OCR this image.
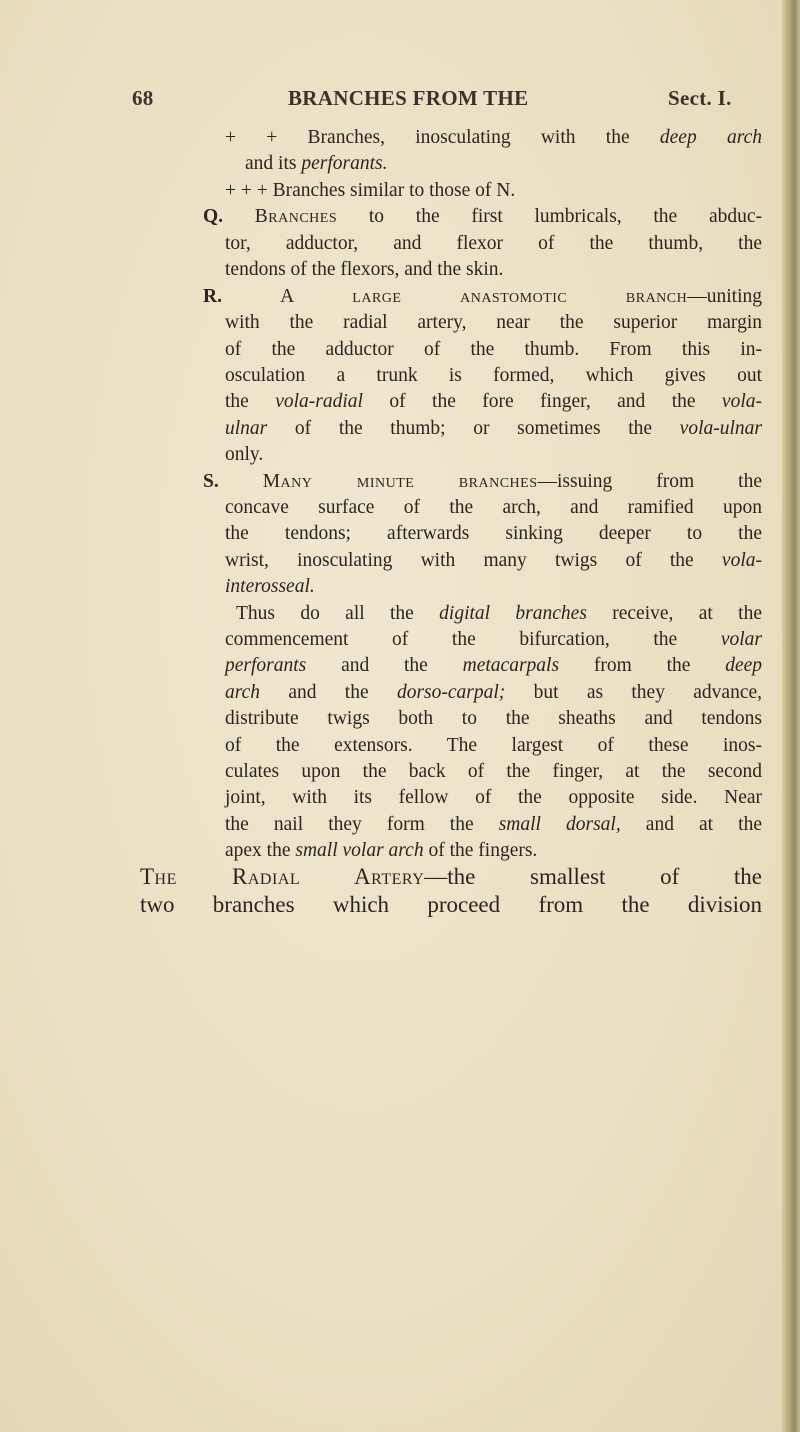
68	BRANCHES FROM THE	Sect. I.
+ + Branches, inosculating with the deep arch
and its perforants.
+ + + Branches similar to those of N.
Q. Branches to the first lumbricals, the abduc-
tor, adductor, and flexor of the thumb, the
tendons of the flexors, and the skin.
R. A large anastomotic branch—uniting
with the radial artery, near the superior margin
of the adductor of the thumb. From this in-
osculation a trunk is formed, which gives out
the vola-radial of the fore finger, and the vola-
ulnar of the thumb; or sometimes the vola-ulnar
only.
S. Many minute branches—issuing from the
concave surface of the arch, and ramified upon
the tendons; afterwards sinking deeper to the
wrist, inosculating with many twigs of the vola-
interosseal.
Thus do all the digital branches receive, at the
commencement of the bifurcation, the volar
perforants and the metacarpals from the deep
arch and the dorso-carpal; but as they advance,
distribute twigs both to the sheaths and tendons
of the extensors. The largest of these inos-
culates upon the back of the finger, at the second
joint, with its fellow of the opposite side. Near
the nail they form the small dorsal, and at the
apex the small volar arch of the fingers.
The Radial Artery—the smallest of the
two branches which proceed from the division
